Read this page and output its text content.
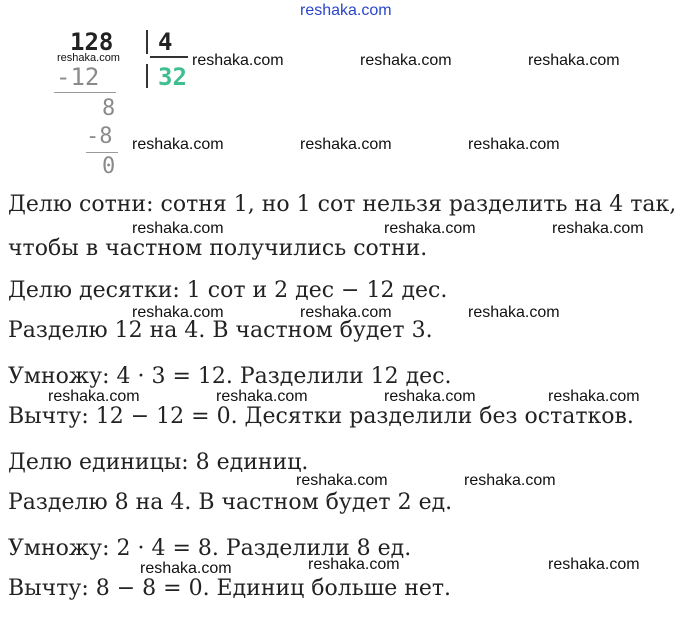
reshaka.com
128 4
reshaka.com
-12 32
8
-8
0
reshaka.com	reshaka.com	reshaka.com
reshaka.com	reshaka.com	reshaka.com
Делю сотни: сотня 1, но 1 сот нельзя разделить на 4 так,
чтобы в частном получились сотни.
reshaka.com	reshaka.com	reshaka.com
Делю десятки: 1 сот и 2 дес − 12 дес.
reshaka.com	reshaka.com	reshaka.com
Разделю 12 на 4. В частном будет 3.
Умножу: 4 · 3 = 12. Разделили 12 дес.
reshaka.com	reshaka.com	reshaka.com	reshaka.com
Вычту: 12 − 12 = 0. Десятки разделили без остатков.
Делю единицы: 8 единиц.
reshaka.com	reshaka.com
Разделю 8 на 4. В частном будет 2 ед.
Умножу: 2 · 4 = 8. Разделили 8 ед.
reshaka.com	reshaka.com	reshaka.com
Вычту: 8 − 8 = 0. Единиц больше нет.
